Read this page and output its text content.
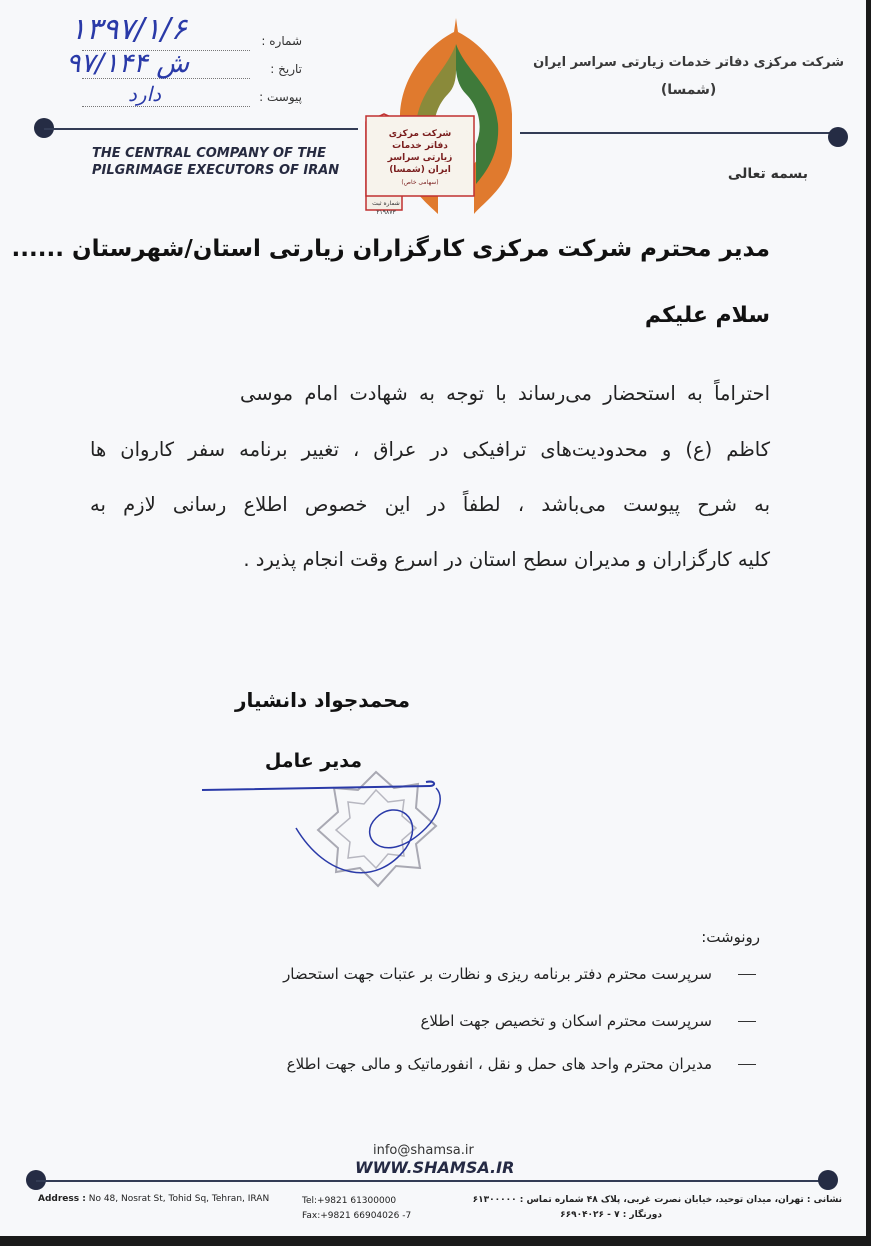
شماره :
تاریخ :
پیوست :
۱۳۹۷/۱/۶
ش ۹۷/۱۴۴
دارد
THE CENTRAL COMPANY OF THE
PILGRIMAGE EXECUTORS OF IRAN
شرکت مرکزی دفاتر خدمات زیارتی سراسر ایران
(شمسا)
بسمه تعالی
شرکت مرکزی
دفاتر خدمات
زیارتی سراسر
ایران (شمسا)
(سهامی خاص)
شماره ثبت
۲۱۹۸۷۳
مدیر محترم شرکت مرکزی کارگزاران زیارتی استان/شهرستان ......
سلام علیکم
احتراماً به استحضار می‌رساند با توجه به شهادت امام موسی
کاظم (ع) و محدودیت‌های ترافیکی در عراق ، تغییر برنامه سفر کاروان ها
به شرح پیوست می‌باشد ، لطفاً در این خصوص اطلاع رسانی لازم به
کلیه کارگزاران و مدیران سطح استان در اسرع وقت انجام پذیرد .
محمدجواد دانشیار
مدیر عامل
رونوشت:
سرپرست محترم دفتر برنامه ریزی و نظارت بر عتبات جهت استحضار
سرپرست محترم اسکان و تخصیص جهت اطلاع
مدیران محترم واحد های حمل و نقل ، انفورماتیک و مالی جهت اطلاع
info@shamsa.ir
WWW.SHAMSA.IR
Address : No 48, Nosrat St, Tohid Sq, Tehran, IRAN	Tel:+9821 61300000
Fax:+9821 66904026 -7
نشانی : تهران، میدان توحید، خیابان نصرت غربی، پلاک ۴۸ شماره تماس : ۶۱۳۰۰۰۰۰
دورنگار : ۷ - ۶۶۹۰۴۰۲۶
